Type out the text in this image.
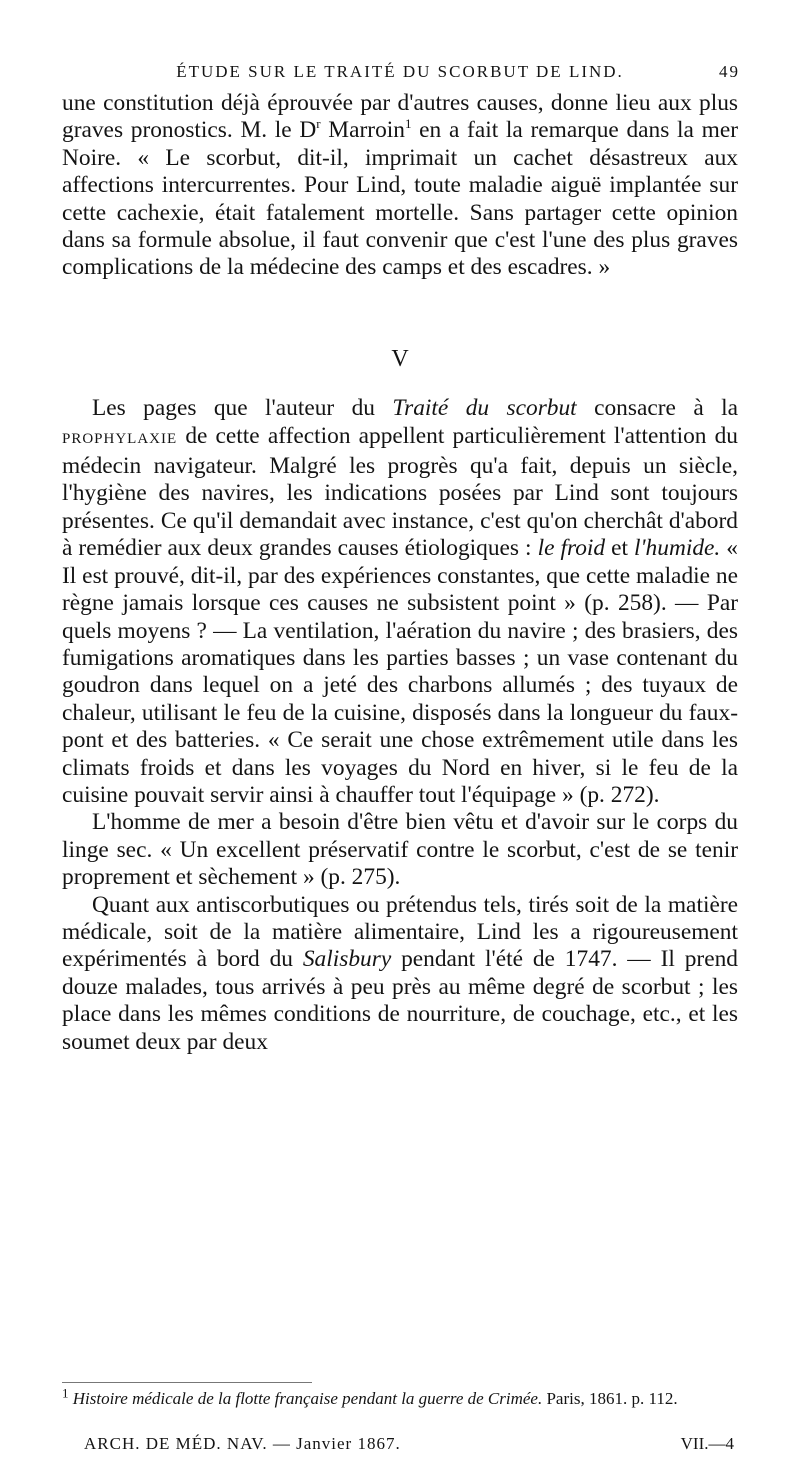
ÉTUDE SUR LE TRAITÉ DU SCORBUT DE LIND.	49

une constitution déjà éprouvée par d'autres causes, donne lieu aux plus graves pronostics. M. le $D^r$ Marroin$^1$ en a fait la remarque dans la mer Noire. « Le scorbut, dit-il, imprimait un cachet désastreux aux affections intercurrentes. Pour Lind, toute maladie aiguë implantée sur cette cachexie, était fatalement mortelle. Sans partager cette opinion dans sa formule absolue, il faut convenir que c'est l'une des plus graves complications de la médecine des camps et des escadres. »

V

Les pages que l'auteur du Traité du scorbut consacre à la PROPHYLAXIE de cette affection appellent particulièrement l'attention du médecin navigateur. Malgré les progrès qu'a fait, depuis un siècle, l'hygiène des navires, les indications posées par Lind sont toujours présentes. Ce qu'il demandait avec instance, c'est qu'on cherchât d'abord à remédier aux deux grandes causes étiologiques : le froid et l'humide. « Il est prouvé, dit-il, par des expériences constantes, que cette maladie ne règne jamais lorsque ces causes ne subsistent point » (p. 258). — Par quels moyens ? — La ventilation, l'aération du navire ; des brasiers, des fumigations aromatiques dans les parties basses ; un vase contenant du goudron dans lequel on a jeté des charbons allumés ; des tuyaux de chaleur, utilisant le feu de la cuisine, disposés dans la longueur du faux-pont et des batteries. « Ce serait une chose extrêmement utile dans les climats froids et dans les voyages du Nord en hiver, si le feu de la cuisine pouvait servir ainsi à chauffer tout l'équipage » (p. 272).

L'homme de mer a besoin d'être bien vêtu et d'avoir sur le corps du linge sec. « Un excellent préservatif contre le scorbut, c'est de se tenir proprement et sèchement » (p. 275).

Quant aux antiscorbutiques ou prétendus tels, tirés soit de la matière médicale, soit de la matière alimentaire, Lind les a rigoureusement expérimentés à bord du Salisbury pendant l'été de 1747. — Il prend douze malades, tous arrivés à peu près au même degré de scorbut ; les place dans les mêmes conditions de nourriture, de couchage, etc., et les soumet deux par deux

$^1$ Histoire médicale de la flotte française pendant la guerre de Crimée. Paris, 1861. p. 112.

ARCH. DE MÉD. NAV. — Janvier 1867.	VII.—4
